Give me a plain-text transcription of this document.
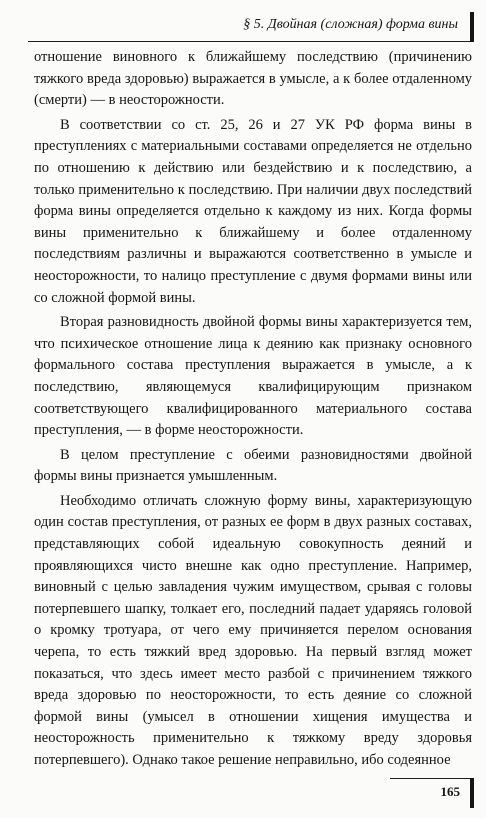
§ 5. Двойная (сложная) форма вины

отношение виновного к ближайшему последствию (причинению тяжкого вреда здоровью) выражается в умысле, а к более отдаленному (смерти) — в неосторожности.

В соответствии со ст. 25, 26 и 27 УК РФ форма вины в преступлениях с материальными составами определяется не отдельно по отношению к действию или бездействию и к последствию, а только применительно к последствию. При наличии двух последствий форма вины определяется отдельно к каждому из них. Когда формы вины применительно к ближайшему и более отдаленному последствиям различны и выражаются соответственно в умысле и неосторожности, то налицо преступление с двумя формами вины или со сложной формой вины.

Вторая разновидность двойной формы вины характеризуется тем, что психическое отношение лица к деянию как признаку основного формального состава преступления выражается в умысле, а к последствию, являющемуся квалифицирующим признаком соответствующего квалифицированного материального состава преступления, — в форме неосторожности.

В целом преступление с обеими разновидностями двойной формы вины признается умышленным.

Необходимо отличать сложную форму вины, характеризующую один состав преступления, от разных ее форм в двух разных составах, представляющих собой идеальную совокупность деяний и проявляющихся чисто внешне как одно преступление. Например, виновный с целью завладения чужим имуществом, срывая с головы потерпевшего шапку, толкает его, последний падает ударяясь головой о кромку тротуара, от чего ему причиняется перелом основания черепа, то есть тяжкий вред здоровью. На первый взгляд может показаться, что здесь имеет место разбой с причинением тяжкого вреда здоровью по неосторожности, то есть деяние со сложной формой вины (умысел в отношении хищения имущества и неосторожность применительно к тяжкому вреду здоровья потерпевшего). Однако такое решение неправильно, ибо содеянное

165
